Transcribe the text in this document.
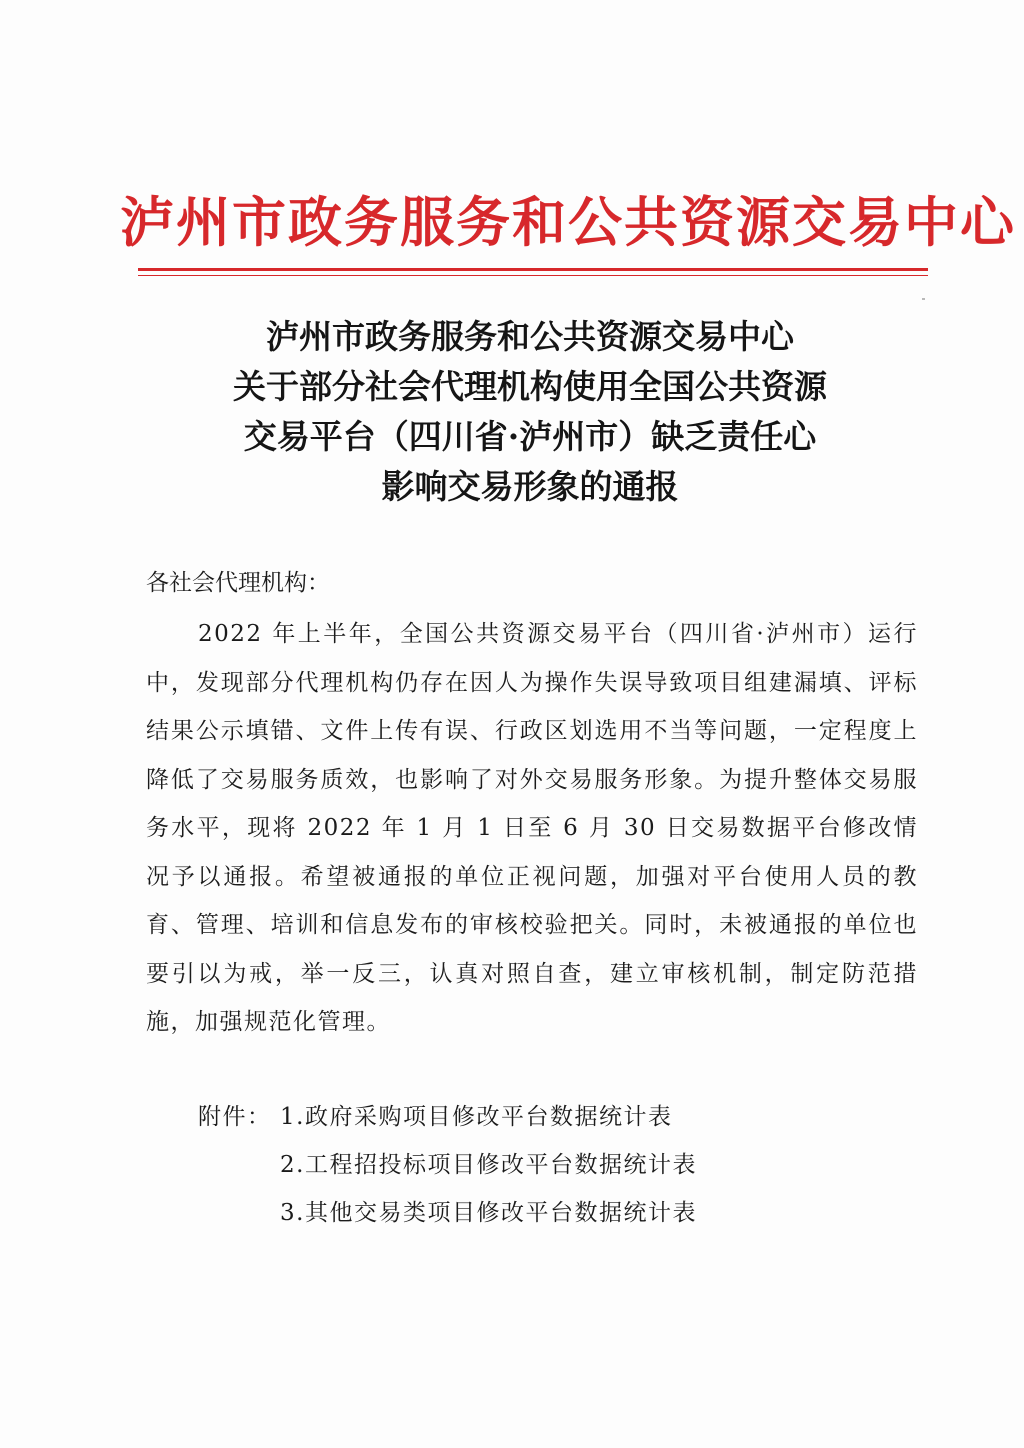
泸州市政务服务和公共资源交易中心
泸州市政务服务和公共资源交易中心
关于部分社会代理机构使用全国公共资源
交易平台（四川省·泸州市）缺乏责任心
影响交易形象的通报

各社会代理机构：

2022 年上半年，全国公共资源交易平台（四川省·泸州市）运行中，发现部分代理机构仍存在因人为操作失误导致项目组建漏填、评标结果公示填错、文件上传有误、行政区划选用不当等问题，一定程度上降低了交易服务质效，也影响了对外交易服务形象。为提升整体交易服务水平，现将 2022 年 1 月 1 日至 6 月 30 日交易数据平台修改情况予以通报。希望被通报的单位正视问题，加强对平台使用人员的教育、管理、培训和信息发布的审核校验把关。同时，未被通报的单位也要引以为戒，举一反三，认真对照自查，建立审核机制，制定防范措施，加强规范化管理。

附件： 1.政府采购项目修改平台数据统计表
2.工程招投标项目修改平台数据统计表
3.其他交易类项目修改平台数据统计表
